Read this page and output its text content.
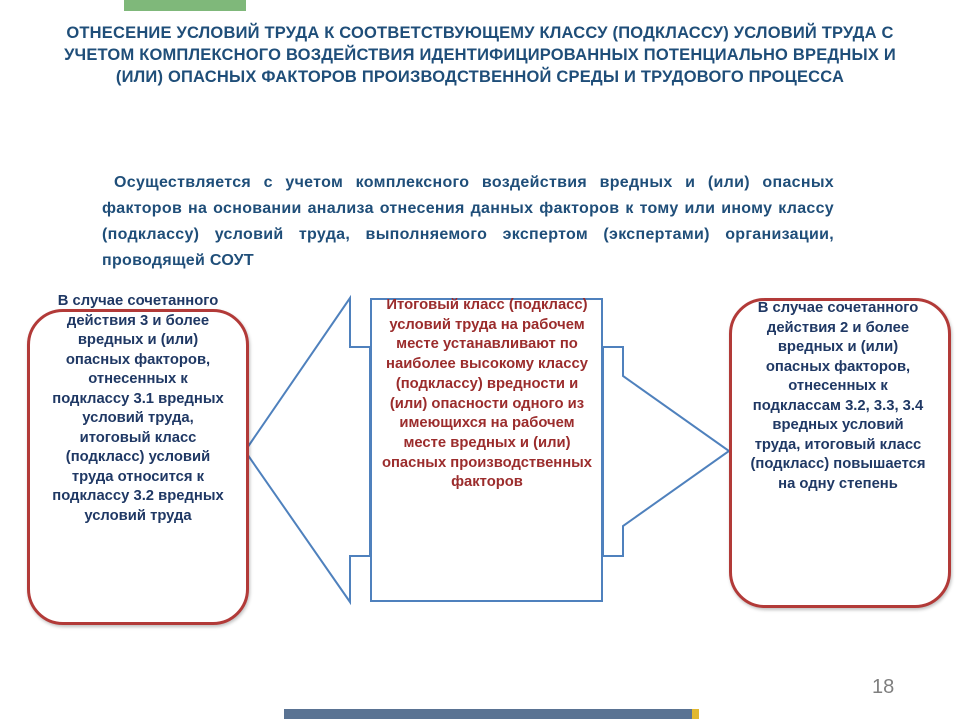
ОТНЕСЕНИЕ УСЛОВИЙ ТРУДА К СООТВЕТСТВУЮЩЕМУ КЛАССУ (ПОДКЛАССУ) УСЛОВИЙ ТРУДА С УЧЕТОМ КОМПЛЕКСНОГО ВОЗДЕЙСТВИЯ ИДЕНТИФИЦИРОВАННЫХ ПОТЕНЦИАЛЬНО ВРЕДНЫХ И (ИЛИ) ОПАСНЫХ ФАКТОРОВ ПРОИЗВОДСТВЕННОЙ СРЕДЫ И ТРУДОВОГО ПРОЦЕССА
Осуществляется с учетом комплексного воздействия вредных и (или) опасных факторов на основании анализа отнесения данных факторов к тому или иному классу (подклассу) условий труда, выполняемого экспертом (экспертами) организации, проводящей СОУТ
В случае сочетанного действия 3 и более вредных и (или) опасных факторов, отнесенных к подклассу 3.1 вредных условий труда, итоговый класс (подкласс) условий труда относится к подклассу 3.2 вредных условий труда
Итоговый класс (подкласс) условий труда на рабочем месте устанавливают по наиболее высокому классу (подклассу) вредности и (или) опасности одного из имеющихся на рабочем месте вредных и (или) опасных производственных факторов
В случае сочетанного действия 2 и более вредных и (или) опасных факторов, отнесенных к подклассам 3.2, 3.3, 3.4 вредных условий труда, итоговый класс (подкласс) повышается на одну степень
18
